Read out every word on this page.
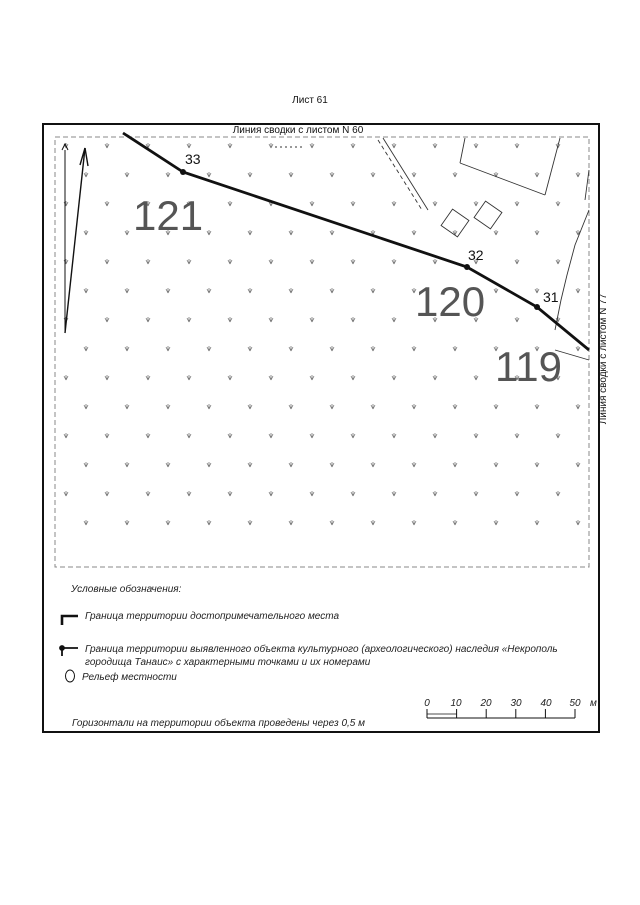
Лист 61
Линия сводки с листом N 60
Линия сводки с листом N 77
33
32
31
121
120
119
Условные обозначения:
Граница территории достопримечательного места
Граница территории выявленного объекта культурного (археологического) наследия «Некрополь
городища Танаис» с характерными точками и их номерами
Рельеф местности
Горизонтали на территории объекта проведены через 0,5 м
0 10 20 30 40 50 м
